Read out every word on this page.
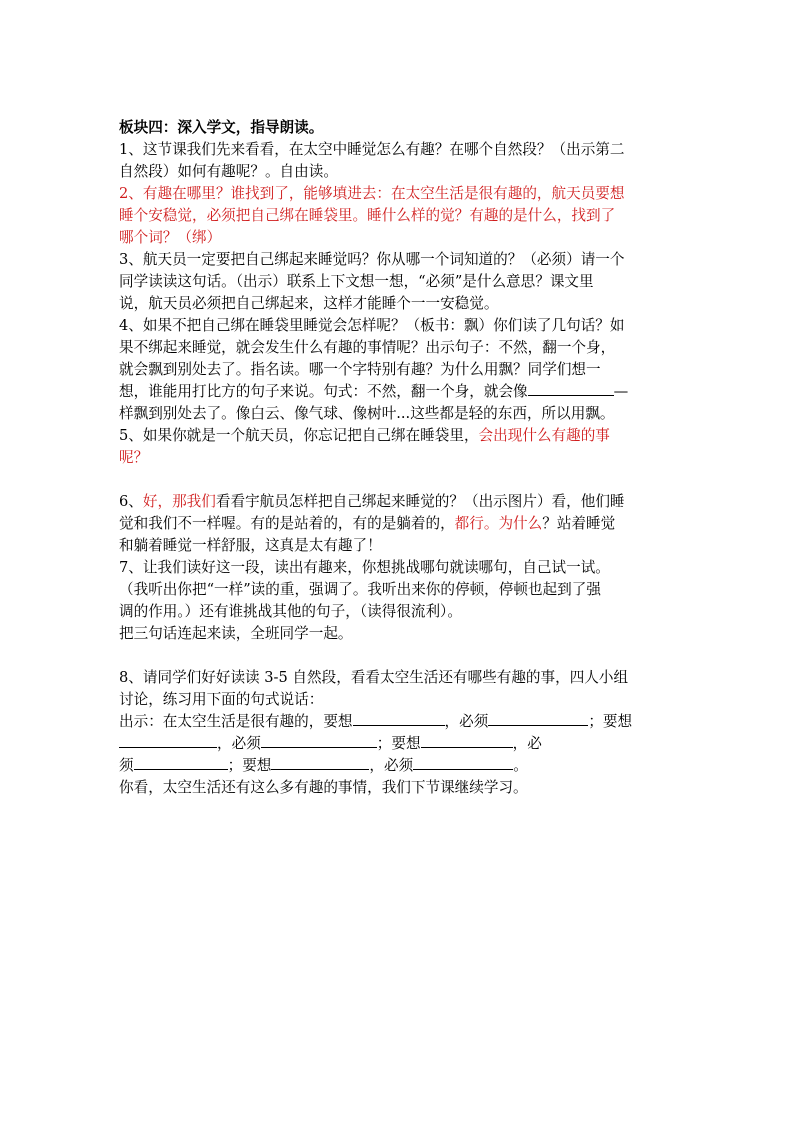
板块四：深入学文，指导朗读。
1、这节课我们先来看看，在太空中睡觉怎么有趣？在哪个自然段？（出示第二
自然段）如何有趣呢？。自由读。
2、有趣在哪里？谁找到了，能够填进去：在太空生活是很有趣的，航天员要想
睡个安稳觉，必须把自己绑在睡袋里。睡什么样的觉？有趣的是什么，找到了
哪个词？（绑）
3、航天员一定要把自己绑起来睡觉吗？你从哪一个词知道的？（必须）请一个
同学读读这句话。（出示）联系上下文想一想，“必须”是什么意思？课文里
说，航天员必须把自己绑起来，这样才能睡个一一安稳觉。
4、如果不把自己绑在睡袋里睡觉会怎样呢？（板书：飘）你们读了几句话？如
果不绑起来睡觉，就会发生什么有趣的事情呢？出示句子：不然，翻一个身，
就会飘到别处去了。指名读。哪一个字特别有趣？为什么用飘？同学们想一
想，谁能用打比方的句子来说。句式：不然，翻一个身，就会像	—
样飘到别处去了。像白云、像气球、像树叶...这些都是轻的东西，所以用飘。
5、如果你就是一个航天员，你忘记把自己绑在睡袋里，会出现什么有趣的事
呢？
6、好，那我们看看宇航员怎样把自己绑起来睡觉的？（出示图片）看，他们睡
觉和我们不一样喔。有的是站着的，有的是躺着的，都行。为什么？站着睡觉
和躺着睡觉一样舒服，这真是太有趣了！
7、让我们读好这一段，读出有趣来，你想挑战哪句就读哪句，自己试一试。
（我听出你把“一样”读的重，强调了。我听出来你的停顿，停顿也起到了强
调的作用。）还有谁挑战其他的句子，（读得很流利）。
把三句话连起来读，全班同学一起。
8、请同学们好好读读 3-5 自然段，看看太空生活还有哪些有趣的事，四人小组
讨论，练习用下面的句式说话：
出示：在太空生活是很有趣的，要想	，必须	；要想
，必须	；要想	，必
须	；要想	，必须	。
你看，太空生活还有这么多有趣的事情，我们下节课继续学习。
